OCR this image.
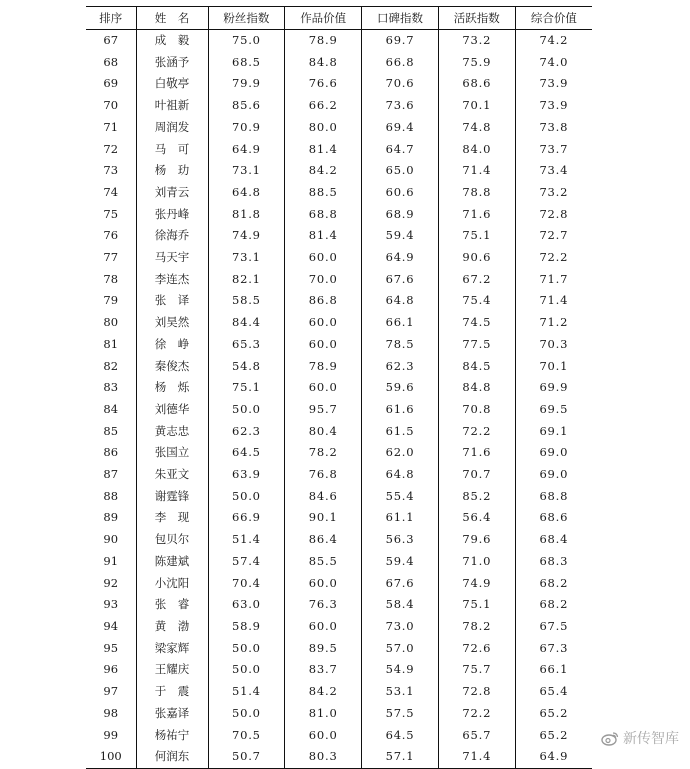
排序	姓　名	粉丝指数	作品价值	口碑指数	活跃指数	综合价值
67	成　毅	75.0	78.9	69.7	73.2	74.2
68	张涵予	68.5	84.8	66.8	75.9	74.0
69	白敬亭	79.9	76.6	70.6	68.6	73.9
70	叶祖新	85.6	66.2	73.6	70.1	73.9
71	周润发	70.9	80.0	69.4	74.8	73.8
72	马　可	64.9	81.4	64.7	84.0	73.7
73	杨　玏	73.1	84.2	65.0	71.4	73.4
74	刘青云	64.8	88.5	60.6	78.8	73.2
75	张丹峰	81.8	68.8	68.9	71.6	72.8
76	徐海乔	74.9	81.4	59.4	75.1	72.7
77	马天宇	73.1	60.0	64.9	90.6	72.2
78	李连杰	82.1	70.0	67.6	67.2	71.7
79	张　译	58.5	86.8	64.8	75.4	71.4
80	刘昊然	84.4	60.0	66.1	74.5	71.2
81	徐　峥	65.3	60.0	78.5	77.5	70.3
82	秦俊杰	54.8	78.9	62.3	84.5	70.1
83	杨　烁	75.1	60.0	59.6	84.8	69.9
84	刘德华	50.0	95.7	61.6	70.8	69.5
85	黄志忠	62.3	80.4	61.5	72.2	69.1
86	张国立	64.5	78.2	62.0	71.6	69.0
87	朱亚文	63.9	76.8	64.8	70.7	69.0
88	谢霆锋	50.0	84.6	55.4	85.2	68.8
89	李　现	66.9	90.1	61.1	56.4	68.6
90	包贝尔	51.4	86.4	56.3	79.6	68.4
91	陈建斌	57.4	85.5	59.4	71.0	68.3
92	小沈阳	70.4	60.0	67.6	74.9	68.2
93	张　睿	63.0	76.3	58.4	75.1	68.2
94	黄　渤	58.9	60.0	73.0	78.2	67.5
95	梁家辉	50.0	89.5	57.0	72.6	67.3
96	王耀庆	50.0	83.7	54.9	75.7	66.1
97	于　震	51.4	84.2	53.1	72.8	65.4
98	张嘉译	50.0	81.0	57.5	72.2	65.2
99	杨祐宁	70.5	60.0	64.5	65.7	65.2
100	何润东	50.7	80.3	57.1	71.4	64.9
新传智库
